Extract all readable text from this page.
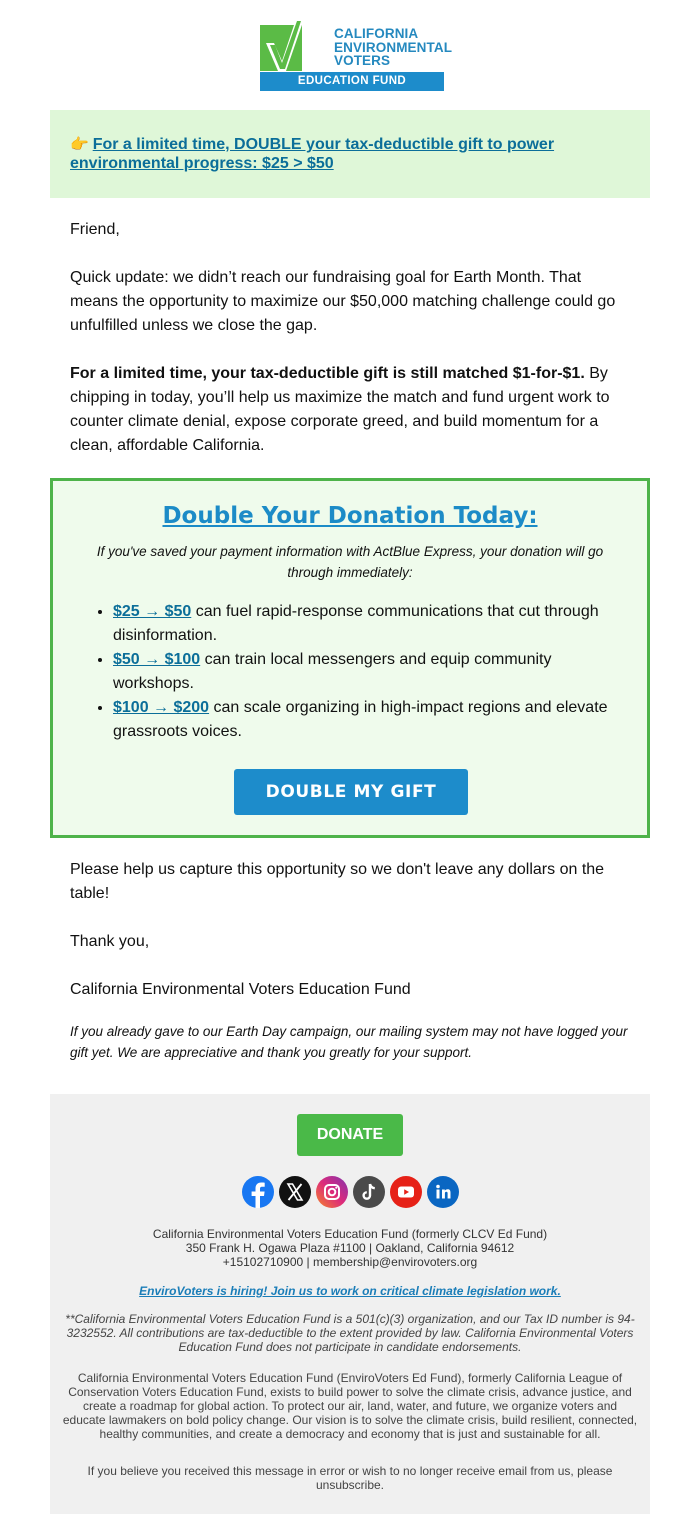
CALIFORNIA
ENVIRONMENTAL
VOTERS
EDUCATION FUND
👉 For a limited time, DOUBLE your tax-deductible gift to power environmental progress: $25 > $50

Friend,

Quick update: we didn’t reach our fundraising goal for Earth Month. That means the opportunity to maximize our $50,000 matching challenge could go unfulfilled unless we close the gap.

For a limited time, your tax-deductible gift is still matched $1-for-$1. By chipping in today, you’ll help us maximize the match and fund urgent work to counter climate denial, expose corporate greed, and build momentum for a clean, affordable California.

Double Your Donation Today:
If you've saved your payment information with ActBlue Express, your donation will go through immediately:
• $25 → $50 can fuel rapid-response communications that cut through disinformation.
• $50 → $100 can train local messengers and equip community workshops.
• $100 → $200 can scale organizing in high-impact regions and elevate grassroots voices.
DOUBLE MY GIFT

Please help us capture this opportunity so we don't leave any dollars on the table!

Thank you,

California Environmental Voters Education Fund

If you already gave to our Earth Day campaign, our mailing system may not have logged your gift yet. We are appreciative and thank you greatly for your support.

DONATE
California Environmental Voters Education Fund (formerly CLCV Ed Fund)
350 Frank H. Ogawa Plaza #1100 | Oakland, California 94612
+15102710900 | membership@envirovoters.org
EnviroVoters is hiring! Join us to work on critical climate legislation work.
**California Environmental Voters Education Fund is a 501(c)(3) organization, and our Tax ID number is 94-3232552. All contributions are tax-deductible to the extent provided by law. California Environmental Voters Education Fund does not participate in candidate endorsements.
California Environmental Voters Education Fund (EnviroVoters Ed Fund), formerly California League of Conservation Voters Education Fund, exists to build power to solve the climate crisis, advance justice, and create a roadmap for global action. To protect our air, land, water, and future, we organize voters and educate lawmakers on bold policy change. Our vision is to solve the climate crisis, build resilient, connected, healthy communities, and create a democracy and economy that is just and sustainable for all.
If you believe you received this message in error or wish to no longer receive email from us, please unsubscribe.
